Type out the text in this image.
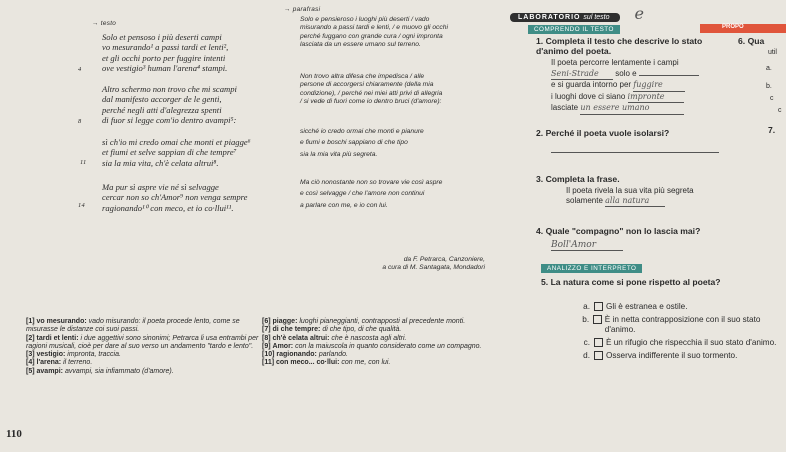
→ testo
→ parafrasi
Solo et pensoso i più deserti campi
vo mesurando¹ a passi tardi et lenti²,
et gli occhi porto per fuggire intenti
ove vestigio³ human l'arena⁴ stampi.
Altro schermo non trovo che mi scampi
dal manifesto accorger de le genti,
perché negli atti d'alegrezza spenti
di fuor si legge com'io dentro avampi⁵:
sì ch'io mi credo omai che monti et piagge⁶
et fiumi et selve sappian di che tempre⁷
sia la mia vita, ch'è celata altrui⁸.
Ma pur sì aspre vie né sì selvagge
cercar non so ch'Amor⁹ non venga sempre
ragionando¹⁰ con meco, et io co·llui¹¹.
4
8
11
14
Solo e pensieroso i luoghi più deserti / vado
misurando a passi tardi e lenti, / e muovo gli occhi
perché fuggano con grande cura / ogni impronta
lasciata da un essere umano sul terreno.
Non trovo altra difesa che impedisca / alle
persone di accorgersi chiaramente (della mia
condizione), / perché nei miei atti privi di allegria
/ si vede di fuori come io dentro bruci (d'amore):
sicché io credo ormai che monti e pianure
e fiumi e boschi sappiano di che tipo
sia la mia vita più segreta.
Ma ciò nonostante non so trovare vie così aspre
e così selvagge / che l'amore non continui
a parlare con me, e io con lui.
da F. Petrarca, Canzoniere,
a cura di M. Santagata, Mondadori
[1] vo mesurando: vado misurando: il poeta procede lento, come se misurasse le distanze coi suoi passi.
[2] tardi et lenti: i due aggettivi sono sinonimi; Petrarca li usa entrambi per ragioni musicali, cioè per dare al suo verso un andamento "tardo e lento".
[3] vestigio: impronta, traccia.
[4] l'arena: il terreno.
[5] avampi: avvampi, sia infiammato (d'amore).
[6] piagge: luoghi pianeggianti, contrapposti al precedente monti.
[7] di che tempre: di che tipo, di che qualità.
[8] ch'è celata altrui: che è nascosta agli altri.
[9] Amor: con la maiuscola in quanto considerato come un compagno.
[10] ragionando: parlando.
[11] con meco... co·llui: con me, con lui.
110
LABORATORIO sul testo e
COMPRENDO IL TESTO	PROPO
1. Completa il testo che descrive lo stato d'animo del poeta.
Il poeta percorre lentamente i campi
Seni-Strade solo e
e si guarda intorno per fuggire
i luoghi dove ci siano impronte
lasciate un essere umano
6. Qua
util
a.
b.
c
c
7.
2. Perché il poeta vuole isolarsi?
3. Completa la frase.
Il poeta rivela la sua vita più segreta
solamente alla natura
4. Quale "compagno" non lo lascia mai?
Boll'Amor
ANALIZZO E INTERPRETO
5. La natura come si pone rispetto al poeta?
a. Gli è estranea e ostile.
b. È in netta contrapposizione con il suo stato d'animo.
c. È un rifugio che rispecchia il suo stato d'animo.
d. Osserva indifferente il suo tormento.
